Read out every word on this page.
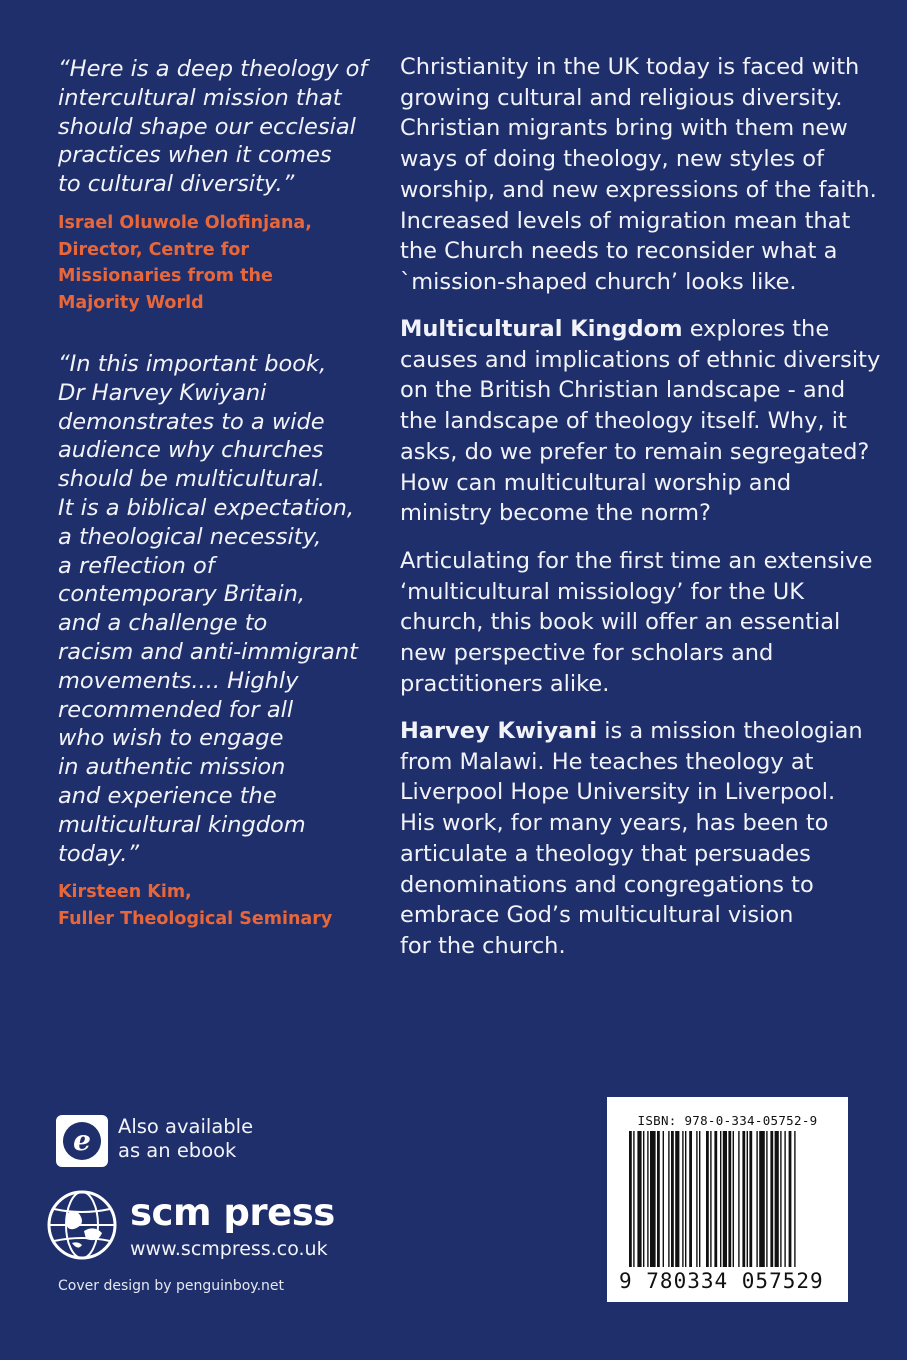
“Here is a deep theology of
intercultural mission that
should shape our ecclesial
practices when it comes
to cultural diversity.”
Israel Oluwole Olofinjana,
Director, Centre for
Missionaries from the
Majority World
“In this important book,
Dr Harvey Kwiyani
demonstrates to a wide
audience why churches
should be multicultural.
It is a biblical expectation,
a theological necessity,
a reflection of
contemporary Britain,
and a challenge to
racism and anti-immigrant
movements.... Highly
recommended for all
who wish to engage
in authentic mission
and experience the
multicultural kingdom
today.”
Kirsteen Kim,
Fuller Theological Seminary
Christianity in the UK today is faced with
growing cultural and religious diversity.
Christian migrants bring with them new
ways of doing theology, new styles of
worship, and new expressions of the faith.
Increased levels of migration mean that
the Church needs to reconsider what a
`mission-shaped church’ looks like.
Multicultural Kingdom explores the
causes and implications of ethnic diversity
on the British Christian landscape - and
the landscape of theology itself. Why, it
asks, do we prefer to remain segregated?
How can multicultural worship and
ministry become the norm?
Articulating for the first time an extensive
‘multicultural missiology’ for the UK
church, this book will offer an essential
new perspective for scholars and
practitioners alike.
Harvey Kwiyani is a mission theologian
from Malawi. He teaches theology at
Liverpool Hope University in Liverpool.
His work, for many years, has been to
articulate a theology that persuades
denominations and congregations to
embrace God’s multicultural vision
for the church.
e Also available
as an ebook
scm press
www.scmpress.co.uk
Cover design by penguinboy.net
ISBN: 978-0-334-05752-9
9 780334 057529
